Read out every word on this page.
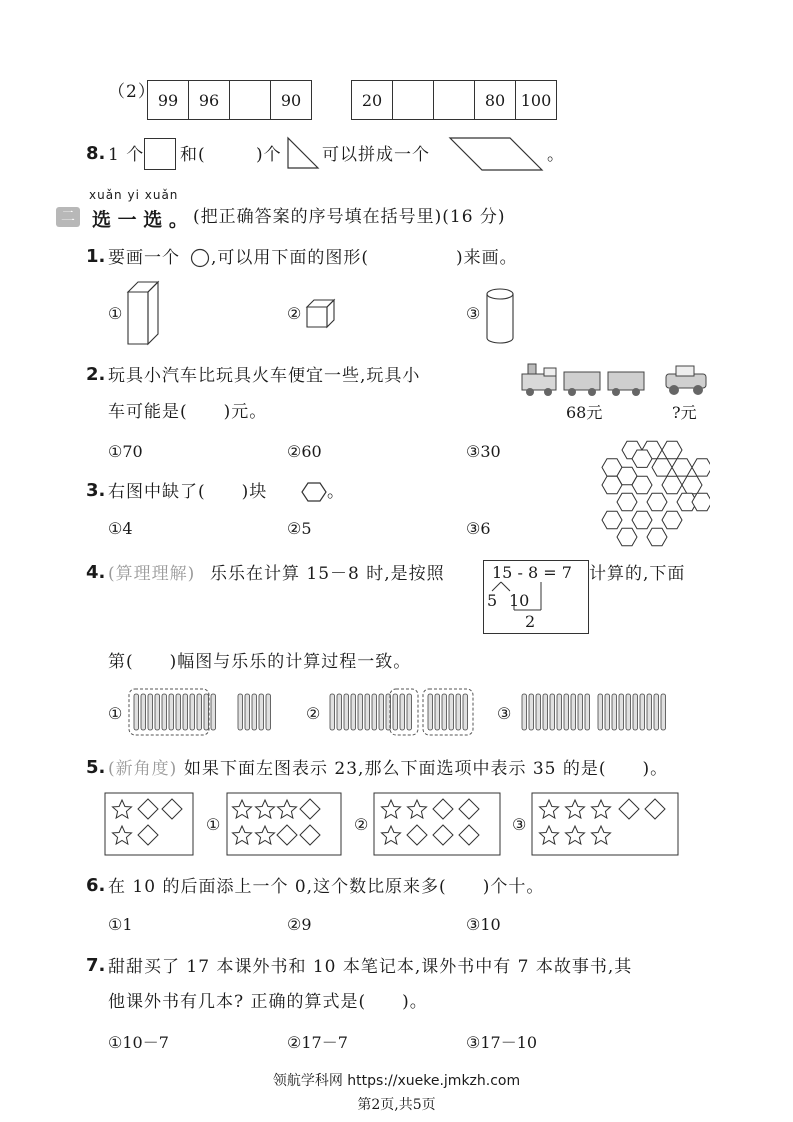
（2） 99	96	90	20	80 100
8. 1 个 和(	)个 可以拼成一个	。
xuǎn yi xuǎn
二 选 一 选 。 (把正确答案的序号填在括号里)(16 分)
1. 要画一个 ,可以用下面的图形(	)来画。
①	②	③
2. 玩具小汽车比玩具火车便宜一些,玩具小
车可能是(　　)元。	68元	?元
①70	②60	③30
3. 右图中缺了(　　)块	。
①4	②5	③6
4. (算理理解) 乐乐在计算 15－8 时,是按照	15 - 8 = 7
5 10
2
计算的,下面
第(　　)幅图与乐乐的计算过程一致。
①	②	③
5. (新角度) 如果下面左图表示 23,那么下面选项中表示 35 的是(　　)。
①	②	③
6. 在 10 的后面添上一个 0,这个数比原来多(　　)个十。
①1	②9	③10
7. 甜甜买了 17 本课外书和 10 本笔记本,课外书中有 7 本故事书,其
他课外书有几本? 正确的算式是(　　)。
①10－7	②17－7	③17－10
领航学科网 https://xueke.jmkzh.com
第2页,共5页
